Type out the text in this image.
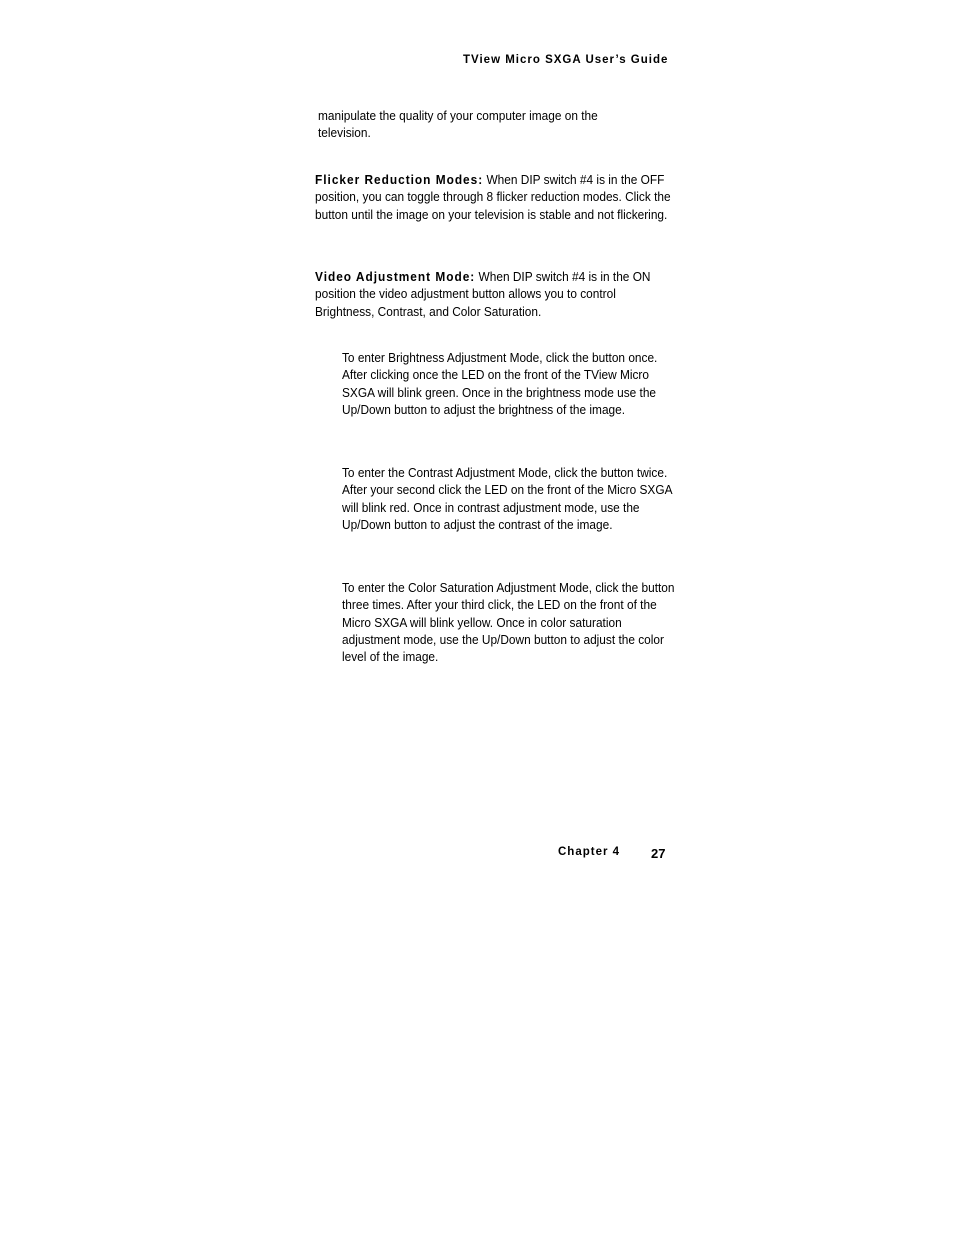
TView Micro SXGA User’s Guide

manipulate the quality of your computer image on the television.

Flicker Reduction Modes: When DIP switch #4 is in the OFF position, you can toggle through 8 flicker reduction modes. Click the button until the image on your television is stable and not flickering.

Video Adjustment Mode: When DIP switch #4 is in the ON position the video adjustment button allows you to control Brightness, Contrast, and Color Saturation.

To enter Brightness Adjustment Mode, click the button once. After clicking once the LED on the front of the TView Micro SXGA will blink green. Once in the brightness mode use the Up/Down button to adjust the brightness of the image.

To enter the Contrast Adjustment Mode, click the button twice. After your second click the LED on the front of the Micro SXGA will blink red. Once in contrast adjustment mode, use the Up/Down button to adjust the contrast of the image.

To enter the Color Saturation Adjustment Mode, click the button three times. After your third click, the LED on the front of the Micro SXGA will blink yellow. Once in color saturation adjustment mode, use the Up/Down button to adjust the color level of the image.

Chapter 4 27
